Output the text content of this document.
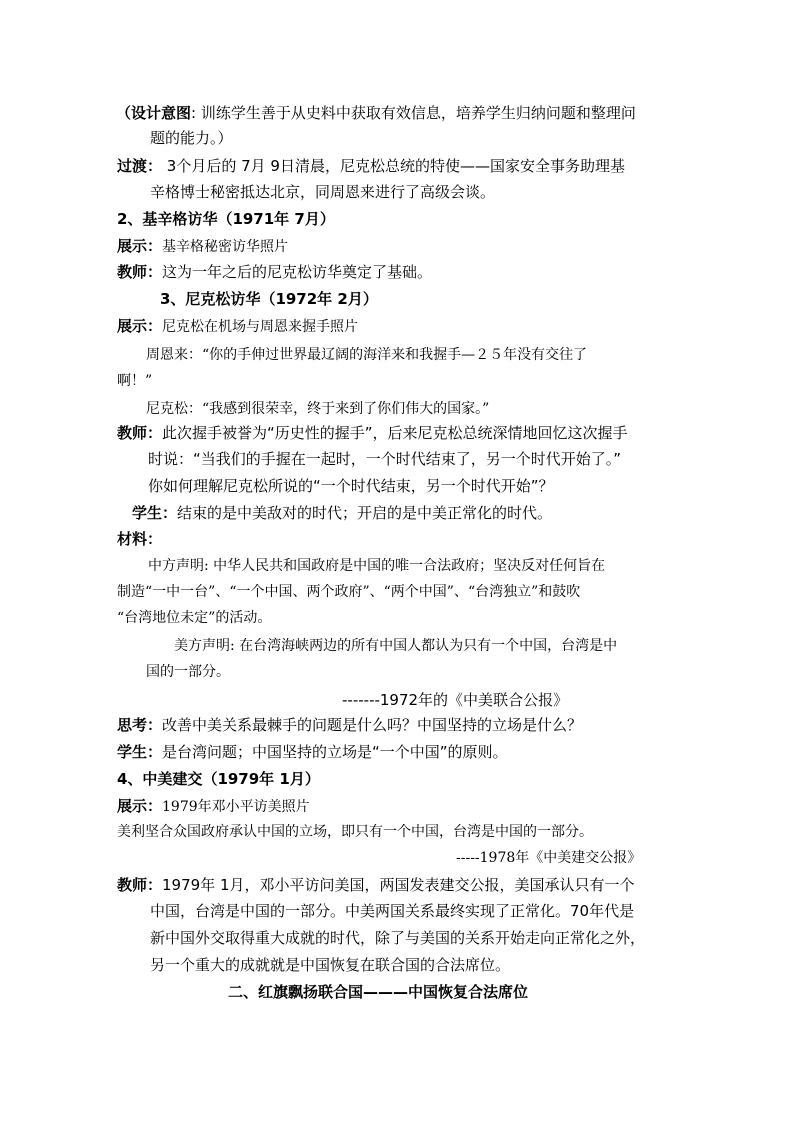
（设计意图: 训练学生善于从史料中获取有效信息，培养学生归纳问题和整理问
题的能力。）
过渡： 3个月后的 7月 9日清晨，尼克松总统的特使——国家安全事务助理基
辛格博士秘密抵达北京，同周恩来进行了高级会谈。
2、基辛格访华（1971年 7月）
展示：基辛格秘密访华照片
教师：这为一年之后的尼克松访华奠定了基础。
3、尼克松访华（1972年 2月）
展示：尼克松在机场与周恩来握手照片
周恩来：“你的手伸过世界最辽阔的海洋来和我握手—２５年没有交往了
啊！”
尼克松：“我感到很荣幸，终于来到了你们伟大的国家。”
教师：此次握手被誉为“历史性的握手”，后来尼克松总统深情地回忆这次握手
时说：“当我们的手握在一起时，一个时代结束了，另一个时代开始了。”
你如何理解尼克松所说的“一个时代结束，另一个时代开始”？
学生：结束的是中美敌对的时代；开启的是中美正常化的时代。
材料：
中方声明: 中华人民共和国政府是中国的唯一合法政府；坚决反对任何旨在
制造“一中一台”、“一个中国、两个政府”、“两个中国”、“台湾独立”和鼓吹
“台湾地位未定”的活动。
美方声明: 在台湾海峡两边的所有中国人都认为只有一个中国，台湾是中
国的一部分。
-------1972年的《中美联合公报》
思考：改善中美关系最棘手的问题是什么吗？中国坚持的立场是什么？
学生：是台湾问题；中国坚持的立场是“一个中国”的原则。
4、中美建交（1979年 1月）
展示：1979年邓小平访美照片
美利坚合众国政府承认中国的立场，即只有一个中国，台湾是中国的一部分。
-----1978年《中美建交公报》
教师：1979年 1月，邓小平访问美国，两国发表建交公报，美国承认只有一个
中国，台湾是中国的一部分。中美两国关系最终实现了正常化。70年代是
新中国外交取得重大成就的时代，除了与美国的关系开始走向正常化之外，
另一个重大的成就就是中国恢复在联合国的合法席位。
二、红旗飘扬联合国———中国恢复合法席位
